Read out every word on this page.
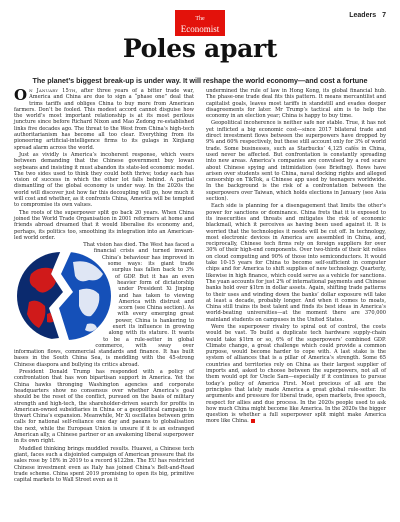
The
Economist
Leaders 7
Poles apart
The planet’s biggest break-up is under way. It will reshape the world economy—and cost a fortune

On January 15th, after three years of a bitter trade war, America and China are due to sign a “phase one” deal that trims tariffs and obliges China to buy more from American farmers. Don’t be fooled. This modest accord cannot disguise how the world’s most important relationship is at its most perilous juncture since before Richard Nixon and Mao Zedong re-established links five decades ago. The threat to the West from China’s high-tech authoritarianism has become all too clear. Everything from its pioneering artificial-intelligence firms to its gulags in Xinjiang spread alarm across the world.

Just as vividly is America’s incoherent response, which veers between demanding that the Chinese government buy lowan soybeans and insisting it must abandon its state-led economic model. The two sides used to think they could both thrive; today each has vision of success in which the other lot falls behind. A partial dismantling of the global economy is under way. In the 2020s the world will discover just how far this decoupling will go, how much it will cost and whether, as it confronts China, America will be tempted to compromise its own values.

The roots of the superpower split go back 20 years. When China joined the World Trade Organisation in 2001 reformers at home and friends abroad dreamed that it would liberalise its economy and, perhaps, its politics too, smoothing its integration into an American-led world order.

That vision has died. The West has faced a financial crisis and turned inward. China’s behaviour has improved in some ways: its giant trade surplus has fallen back to 3% of GDP. But it has an even heavier form of dictatorship under President Xi Jinping and has taken to viewing America with distrust and scorn (see China section). As with every emerging great power, China is hankering to exert its influence in growing along with its stature. It wants to be a rule-setter in global commerce, with sway over information flows, commercial standards and finance. It has built bases in the South China Sea, is meddling with the 45-strong Chinese diaspora and bullying its critics abroad.

President Donald Trump has responded with a policy of confrontation that has won bipartisan support in America. Yet the China hawks thronging Washington agencies and corporate headquarters show no consensus over whether America’s goal should be the reset of the conflict, pursued on the basis of military strength and high-tech, the shareholder-driven search for profits in American-owned subsidiaries in China or a geopolitical campaign to thwart China’s expansion. Meanwhile, Mr Xi oscillates between grim calls for national self-reliance one day and paeans to globalisation the next, while the European Union is unsure if it is an estranged American ally, a Chinese partner or an awakening liberal superpower in its own right.

Muddled thinking brings muddled results. Huawei, a Chinese tech giant, faces such a disjointed campaign of American pressure that its sales rose by 18% in 2019 to a record $122bn. The EU has restricted Chinese investment even as Italy has joined China’s Belt-and-Road trade scheme. China spent 2019 promising to open its big, primitive capital markets to Wall Street even as it

undermined the rule of law in Hong Kong, its global financial hub. The phase-one trade deal fits this pattern. It means mercantilist and capitalist goals, leaves most tariffs in standstill and evades deeper disagreements for later. Mr Trump’s tactical aim is to help the economy in an election year; China is happy to buy time.

Geopolitical incoherence is neither safe nor stable. True, it has not yet inflicted a big economic cost—since 2017 bilateral trade and direct investment flows between the superpowers have dropped by 9% and 60% respectively, but these still account only for 3% of world trade. Some businesses, such as Starbucks’ 4,125 cafés in China, used never be affected. But confrontation is constantly spreading into new areas. America’s companies are convulsed by a red scare about Chinese spying and intimidation (see Briefing). Rows have arisen over students sent to China, naval docking rights and alleged censorship on TikTok, a Chinese app used by teenagers worldwide. In the background is the risk of a confrontation between the superpowers over Taiwan, which holds elections in January (see Asia section).

Each side is planning for a disengagement that limits the other’s power for sanctions or dominance. China frets that it is exposed to its insecurities and threats and mitigates the risk of economic blackmail, which it perceives as having been used against it. It is worried that the technologies it needs will be cut off. In technology, most electronic devices in America are assembled in China, and, reciprocally, Chinese tech firms rely on foreign suppliers for over 30% of their high-end components. Over two-thirds of their kit relies on cloud computing and 90% of those into semiconductors. It would take 10-15 years for China to become self-sufficient in computer chips and for America to shift supplies of new technology. Quarterly, likewise in high finance, which could serve as a vehicle for sanctions. The yuan accounts for just 2% of international payments and Chinese banks hold over $1trn in dollar assets. Again, shifting trade patterns to their uses and winding down the banks’ dollar exposure will take at least a decade, probably longer. And when it comes to moats, China still trains its best talent and finds its best ideas in America’s world-beating universities—at the moment there are 370,000 mainland students on campuses in the United States.

Were the superpower rivalry to spiral out of control, the costs would be vast. To build a duplicate tech hardware supply-chain would take $1trn or so, 6% of the superpowers’ combined GDP. Climate change, a great challenge which could provide a common purpose, would become harder to cope with. A last stake is the system of alliances that is a pillar of America’s strength. Some 65 countries and territories rely on China as their largest supplier of imports and, asked to choose between the superpowers, not all of them would opt for Uncle Sam—especially if it continues to pursue today’s policy of America First. Most precious of all are the principles that lately made America a great global rule-setter. Its arguments and pressure for liberal trade, open markets, free speech, respect for allies and due process. In the 2020s people used to ask how much China might become like America. In the 2020s the bigger question is whether a full superpower split might make America more like China.
